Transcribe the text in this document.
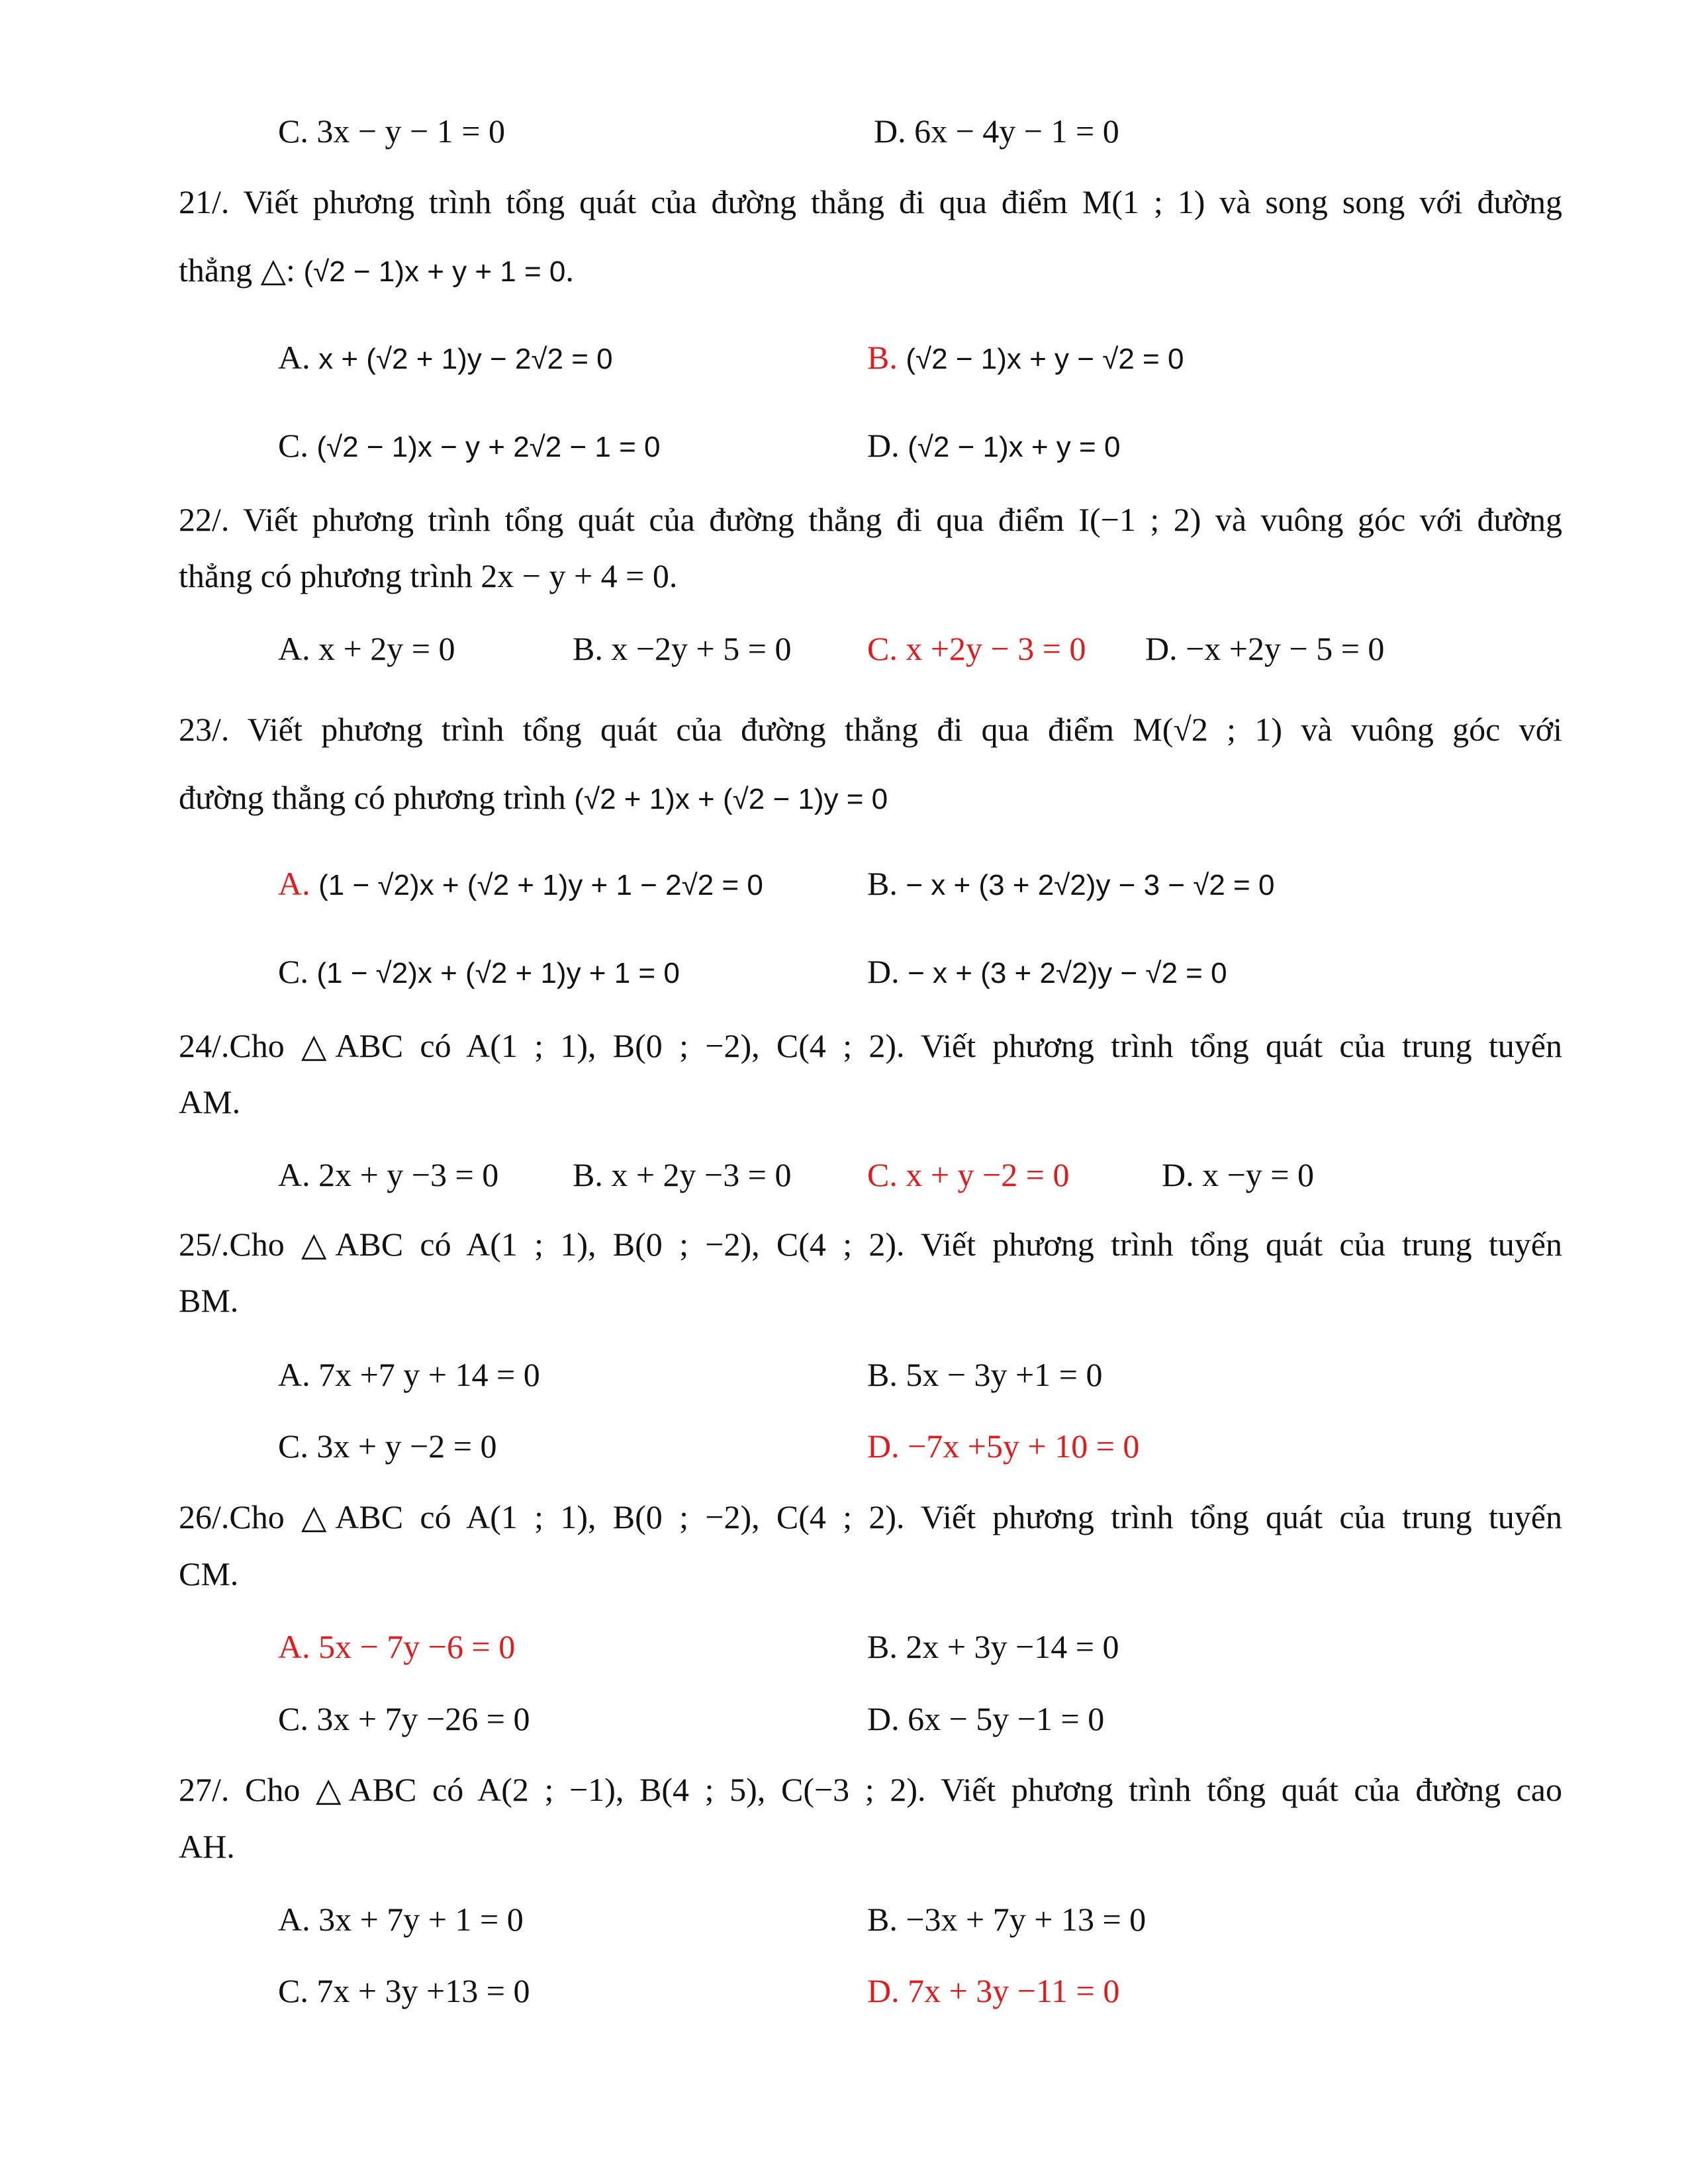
C. 3x − y − 1 = 0	D. 6x − 4y − 1 = 0
21/. Viết phương trình tổng quát của đường thẳng đi qua điểm M(1 ; 1) và song song với đường
thẳng △: (√2 − 1)x + y + 1 = 0.
A. x + (√2 + 1)y − 2√2 = 0	B. (√2 − 1)x + y − √2 = 0
C. (√2 − 1)x − y + 2√2 − 1 = 0	D. (√2 − 1)x + y = 0
22/. Viết phương trình tổng quát của đường thẳng đi qua điểm I(−1 ; 2) và vuông góc với đường
thẳng có phương trình 2x − y + 4 = 0.
A. x + 2y = 0	B. x −2y + 5 = 0 C. x +2y − 3 = 0 D. −x +2y − 5 = 0
23/. Viết phương trình tổng quát của đường thẳng đi qua điểm M(√2 ; 1) và vuông góc với
đường thẳng có phương trình (√2 + 1)x + (√2 − 1)y = 0
A. (1 − √2)x + (√2 + 1)y + 1 − 2√2 = 0	B. − x + (3 + 2√2)y − 3 − √2 = 0
C. (1 − √2)x + (√2 + 1)y + 1 = 0	D. − x + (3 + 2√2)y − √2 = 0
24/.Cho △ABC có A(1 ; 1), B(0 ; −2), C(4 ; 2). Viết phương trình tổng quát của trung tuyến
AM.
A. 2x + y −3 = 0 B. x + 2y −3 = 0 C. x + y −2 = 0	D. x −y = 0
25/.Cho △ABC có A(1 ; 1), B(0 ; −2), C(4 ; 2). Viết phương trình tổng quát của trung tuyến
BM.
A. 7x +7 y + 14 = 0	B. 5x − 3y +1 = 0
C. 3x + y −2 = 0	D. −7x +5y + 10 = 0
26/.Cho △ABC có A(1 ; 1), B(0 ; −2), C(4 ; 2). Viết phương trình tổng quát của trung tuyến
CM.
A. 5x − 7y −6 = 0	B. 2x + 3y −14 = 0
C. 3x + 7y −26 = 0	D. 6x − 5y −1 = 0
27/. Cho △ABC có A(2 ; −1), B(4 ; 5), C(−3 ; 2). Viết phương trình tổng quát của đường cao
AH.
A. 3x + 7y + 1 = 0	B. −3x + 7y + 13 = 0
C. 7x + 3y +13 = 0	D. 7x + 3y −11 = 0
